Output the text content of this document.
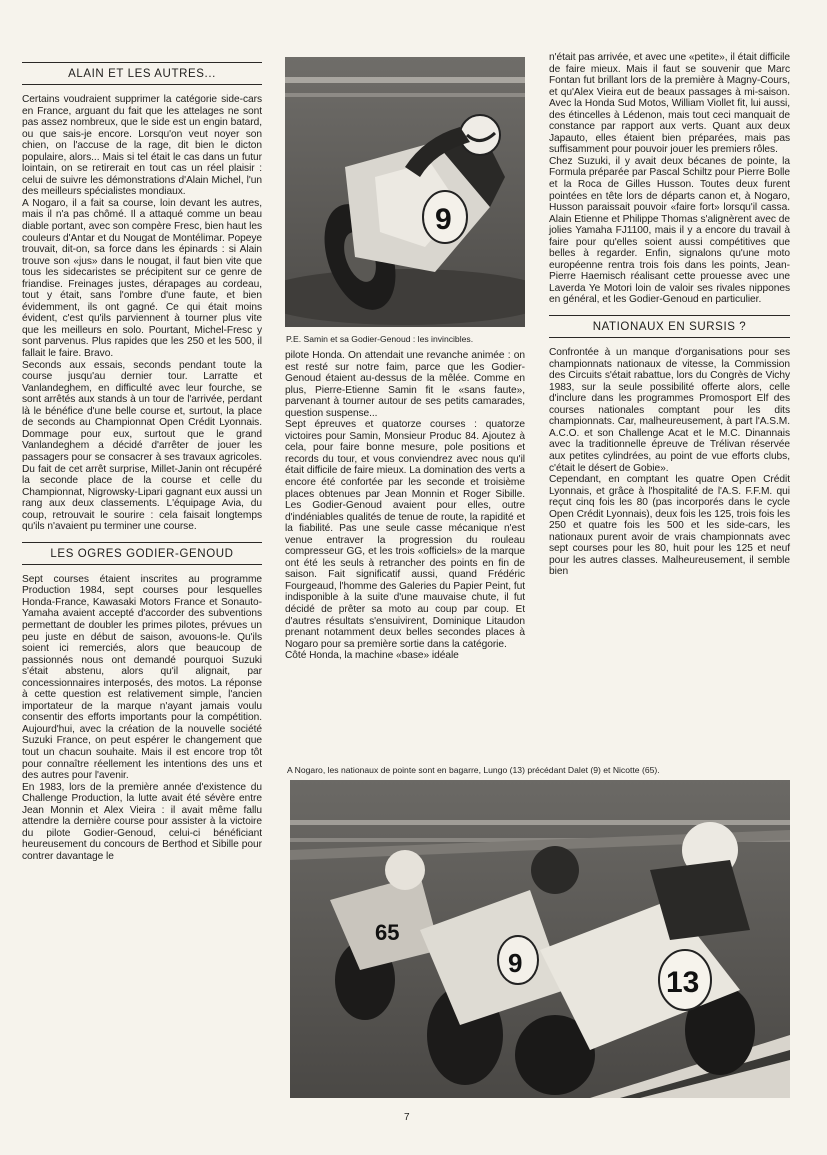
ALAIN ET LES AUTRES...

Certains voudraient supprimer la catégorie side-cars en France, arguant du fait que les attelages ne sont pas assez nombreux, que le side est un engin batard, ou que sais-je encore. Lorsqu'on veut noyer son chien, on l'accuse de la rage, dit bien le dicton populaire, alors... Mais si tel était le cas dans un futur lointain, on se retirerait en tout cas un réel plaisir : celui de suivre les démonstrations d'Alain Michel, l'un des meilleurs spécialistes mondiaux.

A Nogaro, il a fait sa course, loin devant les autres, mais il n'a pas chômé. Il a attaqué comme un beau diable portant, avec son compère Fresc, bien haut les couleurs d'Antar et du Nougat de Montélimar. Popeye trouvait, dit-on, sa force dans les épinards : si Alain trouve son «jus» dans le nougat, il faut bien vite que tous les sidecaristes se précipitent sur ce genre de friandise. Freinages justes, dérapages au cordeau, tout y était, sans l'ombre d'une faute, et bien évidemment, ils ont gagné. Ce qui était moins évident, c'est qu'ils parviennent à tourner plus vite que les meilleurs en solo. Pourtant, Michel-Fresc y sont parvenus. Plus rapides que les 250 et les 500, il fallait le faire. Bravo.

Seconds aux essais, seconds pendant toute la course jusqu'au dernier tour. Larratte et Vanlandeghem, en difficulté avec leur fourche, se sont arrêtés aux stands à un tour de l'arrivée, perdant là le bénéfice d'une belle course et, surtout, la place de seconds au Championnat Open Crédit Lyonnais. Dommage pour eux, surtout que le grand Vanlandeghem a décidé d'arrêter de jouer les passagers pour se consacrer à ses travaux agricoles. Du fait de cet arrêt surprise, Millet-Janin ont récupéré la seconde place de la course et celle du Championnat, Nigrowsky-Lipari gagnant eux aussi un rang aux deux classements. L'équipage Avia, du coup, retrouvait le sourire : cela faisait longtemps qu'ils n'avaient pu terminer une course.

LES OGRES GODIER-GENOUD

Sept courses étaient inscrites au programme Production 1984, sept courses pour lesquelles Honda-France, Kawasaki Motors France et Sonauto-Yamaha avaient accepté d'accorder des subventions permettant de doubler les primes pilotes, prévues un peu juste en début de saison, avouons-le. Qu'ils soient ici remerciés, alors que beaucoup de passionnés nous ont demandé pourquoi Suzuki s'était abstenu, alors qu'il alignait, par concessionnaires interposés, des motos. La réponse à cette question est relativement simple, l'ancien importateur de la marque n'ayant jamais voulu consentir des efforts importants pour la compétition. Aujourd'hui, avec la création de la nouvelle société Suzuki France, on peut espérer le changement que tout un chacun souhaite. Mais il est encore trop tôt pour connaître réellement les intentions des uns et des autres pour l'avenir.

En 1983, lors de la première année d'existence du Challenge Production, la lutte avait été sévère entre Jean Monnin et Alex Vieira : il avait même fallu attendre la dernière course pour assister à la victoire du pilote Godier-Genoud, celui-ci bénéficiant heureusement du concours de Berthod et Sibille pour contrer davantage le

9
P.E. Samin et sa Godier-Genoud : les invincibles.

pilote Honda. On attendait une revanche animée : on est resté sur notre faim, parce que les Godier-Genoud étaient au-dessus de la mêlée. Comme en plus, Pierre-Etienne Samin fit le «sans faute», parvenant à tourner autour de ses petits camarades, question suspense...

Sept épreuves et quatorze courses : quatorze victoires pour Samin, Monsieur Produc 84. Ajoutez à cela, pour faire bonne mesure, pole positions et records du tour, et vous conviendrez avec nous qu'il était difficile de faire mieux. La domination des verts a encore été confortée par les seconde et troisième places obtenues par Jean Monnin et Roger Sibille. Les Godier-Genoud avaient pour elles, outre d'indéniables qualités de tenue de route, la rapidité et la fiabilité. Pas une seule casse mécanique n'est venue entraver la progression du rouleau compresseur GG, et les trois «officiels» de la marque ont été les seuls à retrancher des points en fin de saison. Fait significatif aussi, quand Frédéric Fourgeaud, l'homme des Galeries du Papier Peint, fut indisponible à la suite d'une mauvaise chute, il fut décidé de prêter sa moto au coup par coup. Et d'autres résultats s'ensuivirent, Dominique Litaudon prenant notamment deux belles secondes places à Nogaro pour sa première sortie dans la catégorie.

Côté Honda, la machine «base» idéale

n'était pas arrivée, et avec une «petite», il était difficile de faire mieux. Mais il faut se souvenir que Marc Fontan fut brillant lors de la première à Magny-Cours, et qu'Alex Vieira eut de beaux passages à mi-saison. Avec la Honda Sud Motos, William Viollet fit, lui aussi, des étincelles à Lédenon, mais tout ceci manquait de constance par rapport aux verts. Quant aux deux Japauto, elles étaient bien préparées, mais pas suffisamment pour pouvoir jouer les premiers rôles.

Chez Suzuki, il y avait deux bécanes de pointe, la Formula préparée par Pascal Schiltz pour Pierre Bolle et la Roca de Gilles Husson. Toutes deux furent pointées en tête lors de départs canon et, à Nogaro, Husson paraissait pouvoir «faire fort» lorsqu'il cassa. Alain Etienne et Philippe Thomas s'alignèrent avec de jolies Yamaha FJ1100, mais il y a encore du travail à faire pour qu'elles soient aussi compétitives que belles à regarder. Enfin, signalons qu'une moto européenne rentra trois fois dans les points, Jean-Pierre Haemisch réalisant cette prouesse avec une Laverda Ye Motori loin de valoir ses rivales nippones en général, et les Godier-Genoud en particulier.

NATIONAUX EN SURSIS ?

Confrontée à un manque d'organisations pour ses championnats nationaux de vitesse, la Commission des Circuits s'était rabattue, lors du Congrès de Vichy 1983, sur la seule possibilité offerte alors, celle d'inclure dans les programmes Promosport Elf des courses nationales comptant pour les dits championnats. Car, malheureusement, à part l'A.S.M. A.C.O. et son Challenge Acat et le M.C. Dinannais avec la traditionnelle épreuve de Trélivan réservée aux petites cylindrées, au point de vue efforts clubs, c'était le désert de Gobie».

Cependant, en comptant les quatre Open Crédit Lyonnais, et grâce à l'hospitalité de l'A.S. F.F.M. qui reçut cinq fois les 80 (pas incorporés dans le cycle Open Crédit Lyonnais), deux fois les 125, trois fois les 250 et quatre fois les 500 et les side-cars, les nationaux purent avoir de vrais championnats avec sept courses pour les 80, huit pour les 125 et neuf pour les autres classes. Malheureusement, il semble bien

A Nogaro, les nationaux de pointe sont en bagarre, Lungo (13) précédant Dalet (9) et Nicotte (65).
65
9
13
7
